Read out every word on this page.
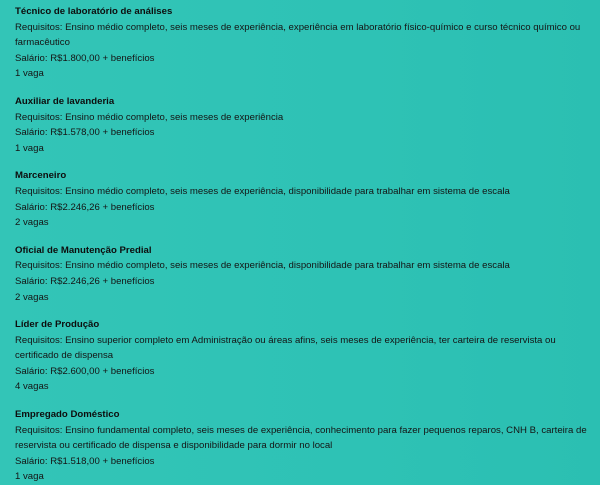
Técnico de laboratório de análises

Requisitos: Ensino médio completo, seis meses de experiência, experiência em laboratório físico-químico e curso técnico químico ou farmacêutico

Salário: R$1.800,00 + benefícios

1 vaga

Auxiliar de lavanderia

Requisitos: Ensino médio completo, seis meses de experiência

Salário: R$1.578,00 + benefícios

1 vaga

Marceneiro

Requisitos: Ensino médio completo, seis meses de experiência, disponibilidade para trabalhar em sistema de escala

Salário: R$2.246,26 + benefícios

2 vagas

Oficial de Manutenção Predial

Requisitos: Ensino médio completo, seis meses de experiência, disponibilidade para trabalhar em sistema de escala

Salário: R$2.246,26 + benefícios

2 vagas

Líder de Produção

Requisitos: Ensino superior completo em Administração ou áreas afins, seis meses de experiência, ter carteira de reservista ou certificado de dispensa

Salário: R$2.600,00 + benefícios

4 vagas

Empregado Doméstico

Requisitos: Ensino fundamental completo, seis meses de experiência, conhecimento para fazer pequenos reparos, CNH B, carteira de reservista ou certificado de dispensa e disponibilidade para dormir no local

Salário: R$1.518,00 + benefícios

1 vaga
